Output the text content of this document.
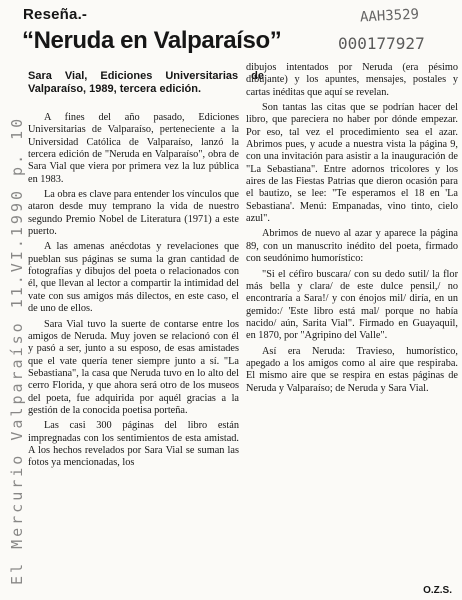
Reseña.-	AAH3529
“Neruda en Valparaíso”	000177927
Sara Vial, Ediciones Universitarias de Valparaíso, 1989, tercera edición.

A fines del año pasado, Ediciones Universitarias de Valparaíso, perteneciente a la Universidad Católica de Valparaíso, lanzó la tercera edición de "Neruda en Valparaíso", obra de Sara Vial que viera por primera vez la luz pública en 1983.

La obra es clave para entender los vínculos que ataron desde muy temprano la vida de nuestro segundo Premio Nobel de Literatura (1971) a este puerto.

A las amenas anécdotas y revelaciones que pueblan sus páginas se suma la gran cantidad de fotografías y dibujos del poeta o relacionados con él, que llevan al lector a compartir la intimidad del vate con sus amigos más dilectos, en este caso, el de uno de ellos.

Sara Vial tuvo la suerte de contarse entre los amigos de Neruda. Muy joven se relacionó con él y pasó a ser, junto a su esposo, de esas amistades que el vate quería tener siempre junto a sí. "La Sebastiana", la casa que Neruda tuvo en lo alto del cerro Florida, y que ahora será otro de los museos del poeta, fue adquirida por aquél gracias a la gestión de la conocida poetisa porteña.

Las casi 300 páginas del libro están impregnadas con los sentimientos de esta amistad. A los hechos revelados por Sara Vial se suman las fotos ya mencionadas, los

dibujos intentados por Neruda (era pésimo dibujante) y los apuntes, mensajes, postales y cartas inéditas que aquí se revelan.

Son tantas las citas que se podrían hacer del libro, que pareciera no haber por dónde empezar. Por eso, tal vez el procedimiento sea el azar. Abrimos pues, y acude a nuestra vista la página 9, con una invitación para asistir a la inauguración de "La Sebastiana". Entre adornos tricolores y los aires de las Fiestas Patrias que dieron ocasión para el bautizo, se lee: "Te esperamos el 18 en 'La Sebastiana'. Menú: Empanadas, vino tinto, cielo azul".

Abrimos de nuevo al azar y aparece la página 89, con un manuscrito inédito del poeta, firmado con seudónimo humorístico:

"Si el céfiro buscara/ con su dedo sutil/ la flor más bella y clara/ de este dulce pensil,/ no encontraría a Sara!/ y con énojos mil/ diría, en un gemido:/ 'Este libro está mal/ porque no había nacido/ aún, Sarita Vial". Firmado en Guayaquil, en 1870, por "Agripino del Valle".

Así era Neruda: Travieso, humorístico, apegado a los amigos como al aire que respiraba. El mismo aire que se respira en estas páginas de Neruda y Valparaíso; de Neruda y Sara Vial.

El Mercurio Valparaíso 11.VI.1990 p. 10
O.Z.S.
